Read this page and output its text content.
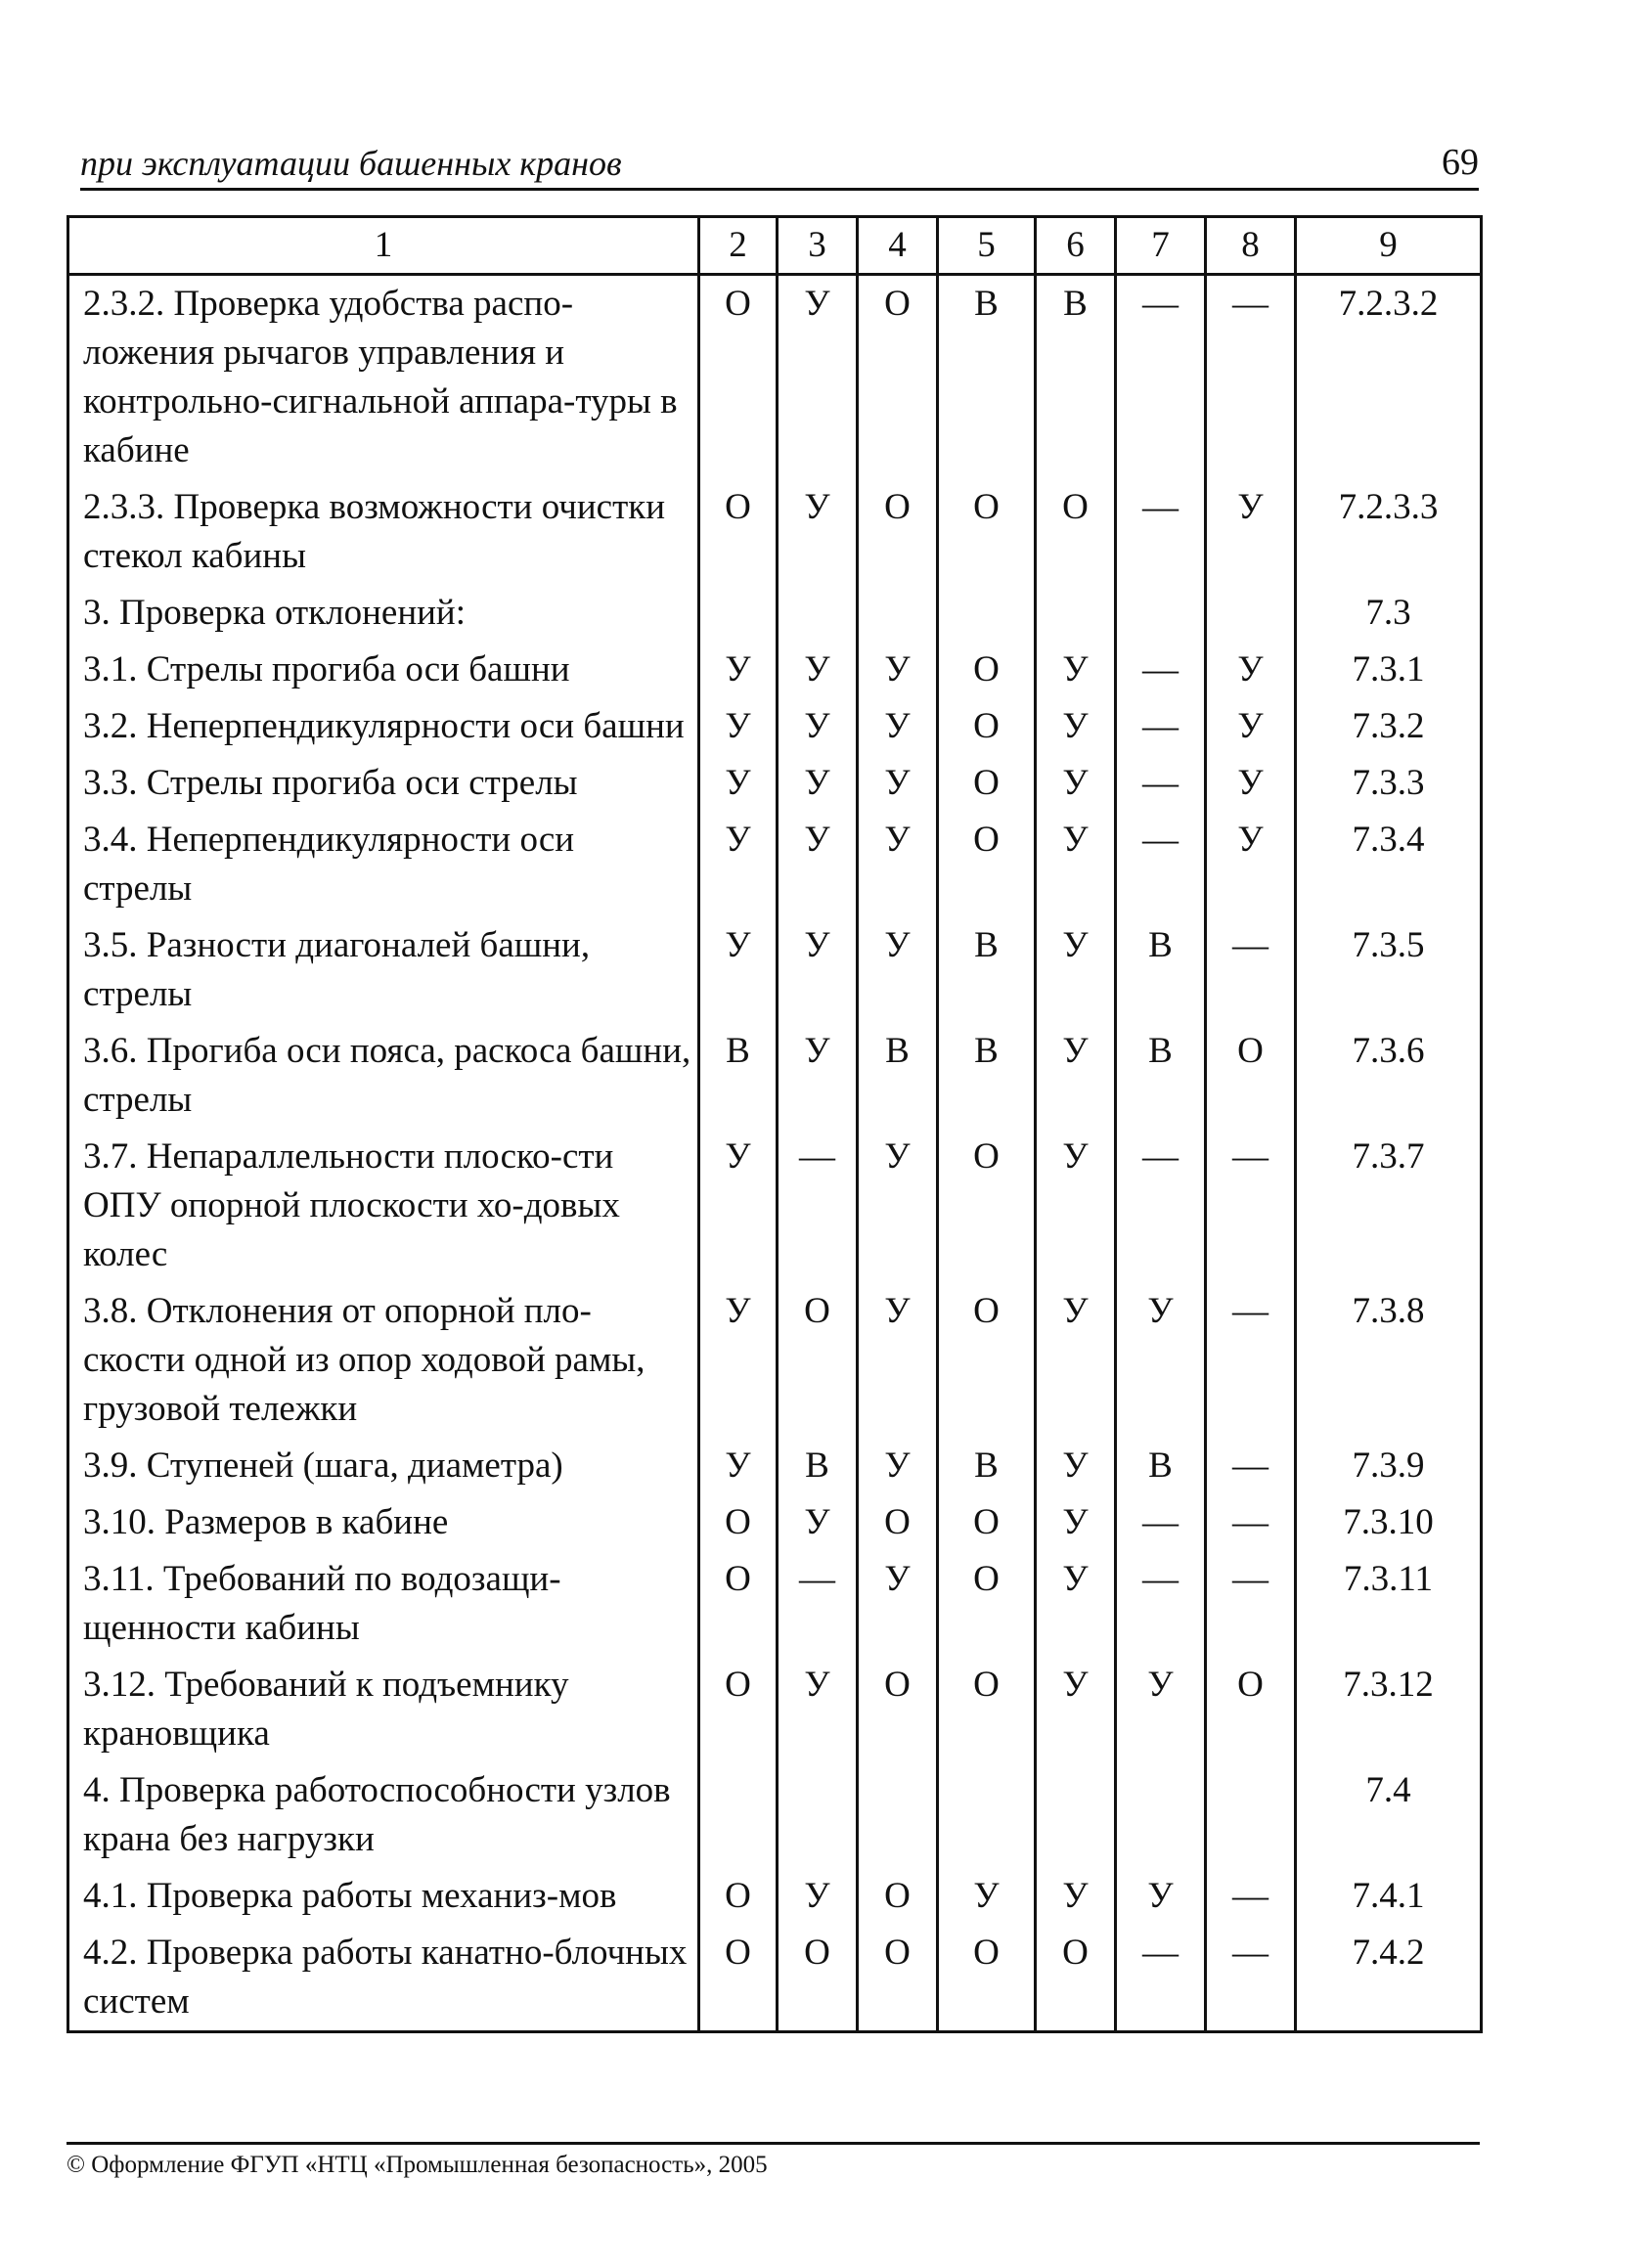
при эксплуатации башенных кранов	69
1	2	3	4	5	6	7	8	9
2.3.2. Проверка удобства распо-ложения рычагов управления и контрольно-сигнальной аппара-туры в кабине	О	У	О	В	В	—	—	7.2.3.2
2.3.3. Проверка возможности очистки стекол кабины	О	У	О	О	О	—	У	7.2.3.3
3. Проверка отклонений:								7.3
3.1. Стрелы прогиба оси башни	У	У	У	О	У	—	У	7.3.1
3.2. Неперпендикулярности оси башни	У	У	У	О	У	—	У	7.3.2
3.3. Стрелы прогиба оси стрелы	У	У	У	О	У	—	У	7.3.3
3.4. Неперпендикулярности оси стрелы	У	У	У	О	У	—	У	7.3.4
3.5. Разности диагоналей башни, стрелы	У	У	У	В	У	В	—	7.3.5
3.6. Прогиба оси пояса, раскоса башни, стрелы	В	У	В	В	У	В	О	7.3.6
3.7. Непараллельности плоско-сти ОПУ опорной плоскости хо-довых колес	У	—	У	О	У	—	—	7.3.7
3.8. Отклонения от опорной пло-скости одной из опор ходовой рамы, грузовой тележки	У	О	У	О	У	У	—	7.3.8
3.9. Ступеней (шага, диаметра)	У	В	У	В	У	В	—	7.3.9
3.10. Размеров в кабине	О	У	О	О	У	—	—	7.3.10
3.11. Требований по водозащи-щенности кабины	О	—	У	О	У	—	—	7.3.11
3.12. Требований к подъемнику крановщика	О	У	О	О	У	У	О	7.3.12
4. Проверка работоспособности узлов крана без нагрузки								7.4
4.1. Проверка работы механиз-мов	О	У	О	У	У	У	—	7.4.1
4.2. Проверка работы канатно-блочных систем	О	О	О	О	О	—	—	7.4.2
© Оформление ФГУП «НТЦ «Промышленная безопасность», 2005
